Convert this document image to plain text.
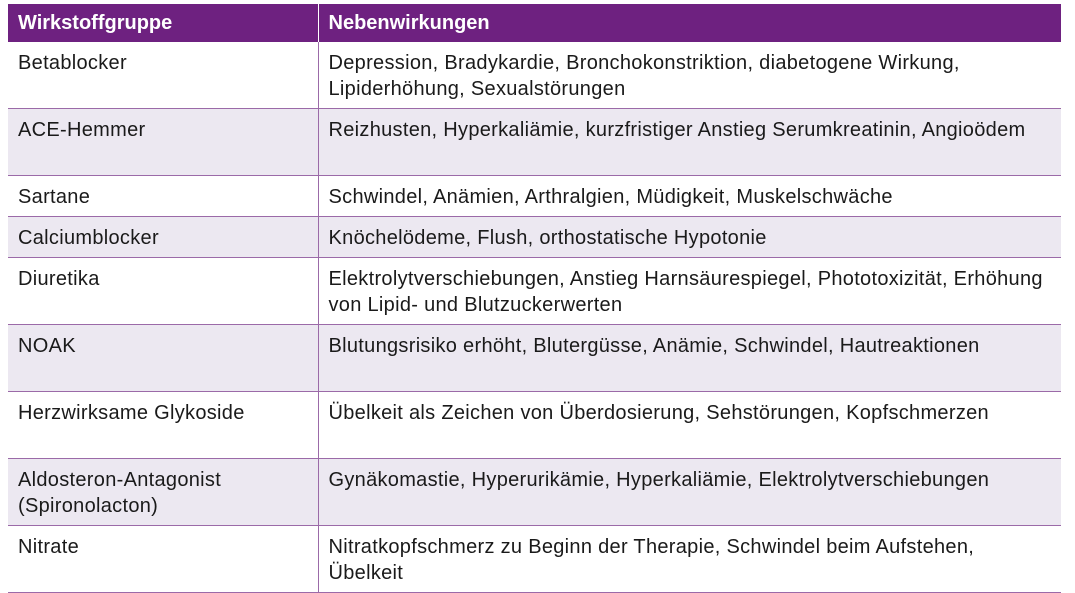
Wirkstoffgruppe	Nebenwirkungen
Betablocker	Depression, Bradykardie, Bronchokonstriktion, diabetogene Wirkung, Lipiderhöhung, Sexualstörungen
ACE-Hemmer	Reizhusten, Hyperkaliämie, kurzfristiger Anstieg Serumkreatinin, Angioödem
Sartane	Schwindel, Anämien, Arthralgien, Müdigkeit, Muskelschwäche
Calciumblocker	Knöchelödeme, Flush, orthostatische Hypotonie
Diuretika	Elektrolytverschiebungen, Anstieg Harnsäurespiegel, Phototoxizität, Erhöhung von Lipid- und Blutzuckerwerten
NOAK	Blutungsrisiko erhöht, Blutergüsse, Anämie, Schwindel, Hautreaktionen
Herzwirksame Glykoside	Übelkeit als Zeichen von Überdosierung, Sehstörungen, Kopfschmerzen
Aldosteron-Antagonist (Spironolacton)	Gynäkomastie, Hyperurikämie, Hyperkaliämie, Elektrolytverschiebungen
Nitrate	Nitratkopfschmerz zu Beginn der Therapie, Schwindel beim Aufstehen, Übelkeit
